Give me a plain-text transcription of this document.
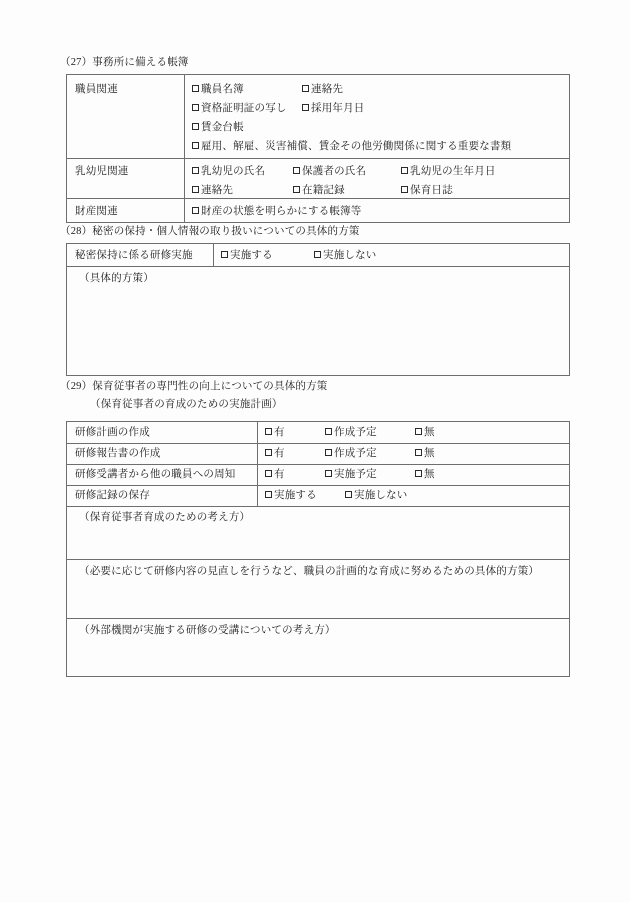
（27）事務所に備える帳簿
職員関連	職員名簿	連絡先
資格証明証の写し	採用年月日
賃金台帳
雇用、解雇、災害補償、賃金その他労働関係に関する重要な書類
乳幼児関連	乳幼児の氏名	保護者の氏名	乳幼児の生年月日
連絡先	在籍記録	保育日誌
財産関連	財産の状態を明らかにする帳簿等
（28）秘密の保持・個人情報の取り扱いについての具体的方策
秘密保持に係る研修実施	実施する	実施しない
（具体的方策）
（29）保育従事者の専門性の向上についての具体的方策
（保育従事者の育成のための実施計画）
研修計画の作成	有	作成予定	無
研修報告書の作成	有	作成予定	無
研修受講者から他の職員への周知	有	実施予定	無
研修記録の保存	実施する	実施しない
（保育従事者育成のための考え方）
（必要に応じて研修内容の見直しを行うなど、職員の計画的な育成に努めるための具体的方策）
（外部機関が実施する研修の受講についての考え方）
